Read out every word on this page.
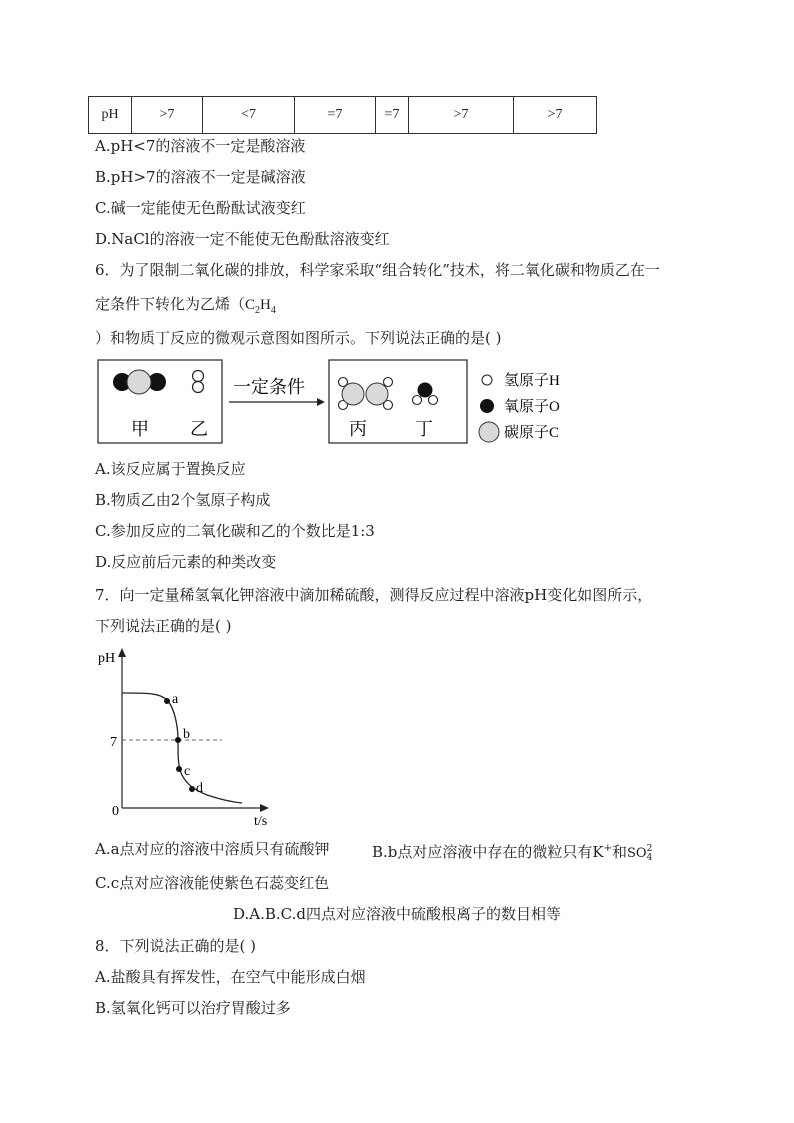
pH	>7	<7	=7	=7	>7	>7
A.pH<7的溶液不一定是酸溶液
B.pH>7的溶液不一定是碱溶液
C.碱一定能使无色酚酞试液变红
D.NaCl的溶液一定不能使无色酚酞溶液变红
6．为了限制二氧化碳的排放，科学家采取“组合转化”技术，将二氧化碳和物质乙在一
定条件下转化为乙烯（$C_2H_4$
）和物质丁反应的微观示意图如图所示。下列说法正确的是( )
甲 乙
一定条件
丙	丁
氢原子H
氧原子O
碳原子C
A.该反应属于置换反应
B.物质乙由2个氢原子构成
C.参加反应的二氧化碳和乙的个数比是1:3
D.反应前后元素的种类改变
7．向一定量稀氢氧化钾溶液中滴加稀硫酸，测得反应过程中溶液pH变化如图所示，
下列说法正确的是( )
pH
t/s
0
7
a
b
c
d
A.a点对应的溶液中溶质只有硫酸钾	B.b点对应溶液中存在的微粒只有K+和SO 2
4
C.c点对应溶液能使紫色石蕊变红色
D.A.B.C.d四点对应溶液中硫酸根离子的数目相等
8．下列说法正确的是( )
A.盐酸具有挥发性，在空气中能形成白烟
B.氢氧化钙可以治疗胃酸过多
